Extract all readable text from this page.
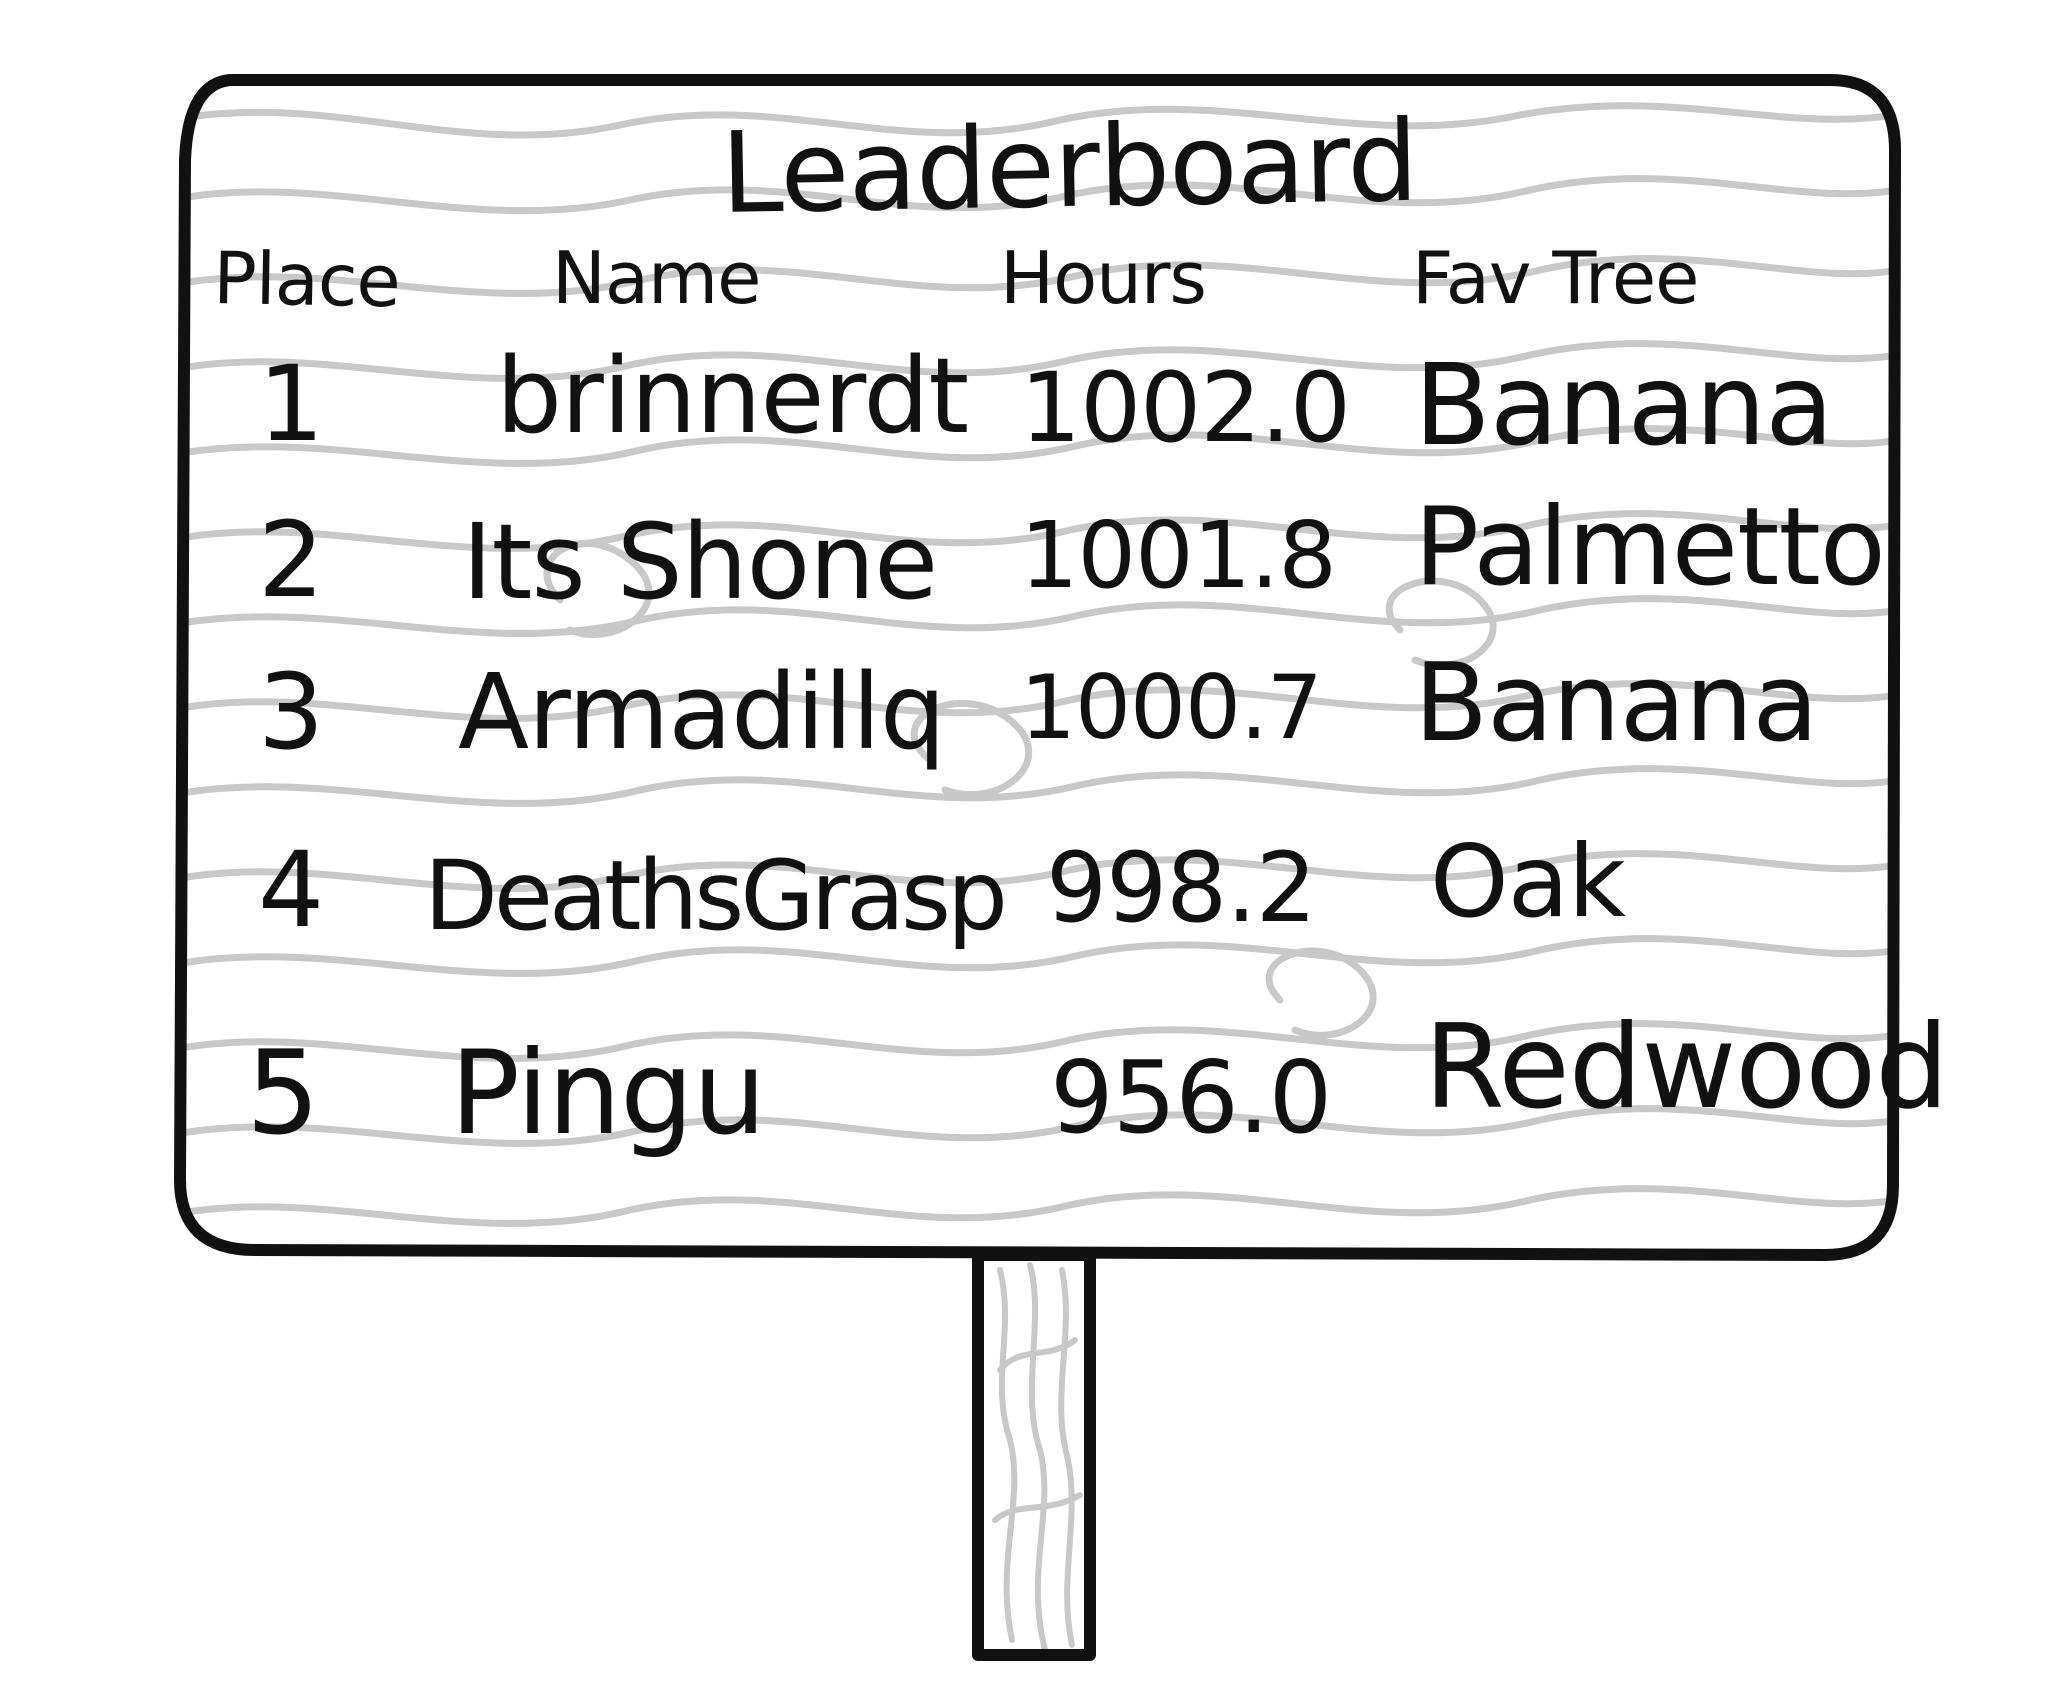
Leaderboard
Place Name	Hours	Fav Tree
1 brinnerdt 1002.0 Banana
2 Its Shone 1001.8 Palmetto
3 Armadillq 1000.7 Banana
4 DeathsGrasp 998.2 Oak
5 Pingu	956.0 Redwood
